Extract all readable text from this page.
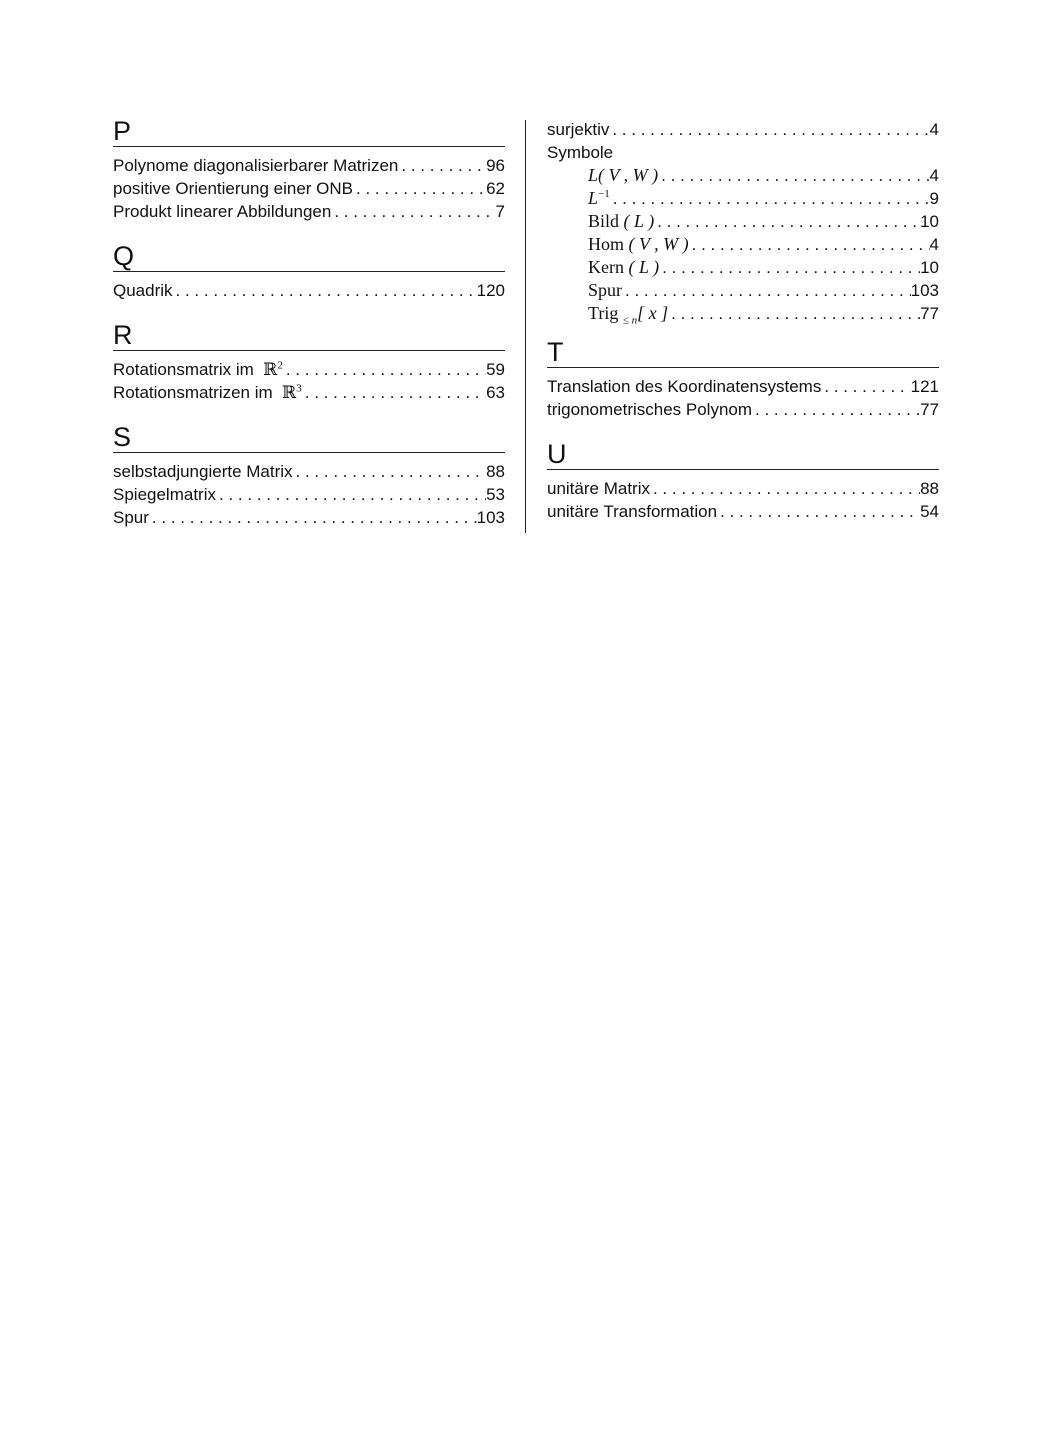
P
Polynome diagonalisierbarer Matrizen . . .	96
positive Orientierung einer ONB . . .	62
Produkt linearer Abbildungen . . .	7
Q
Quadrik . . .	120
R
Rotationsmatrix im ℝ$^2$ . . .	59
Rotationsmatrizen im ℝ$^3$ . . .	63
S
selbstadjungierte Matrix . . .	88
Spiegelmatrix . . .	53
Spur . . .	103
surjektiv . . .	4
Symbole
L( V , W ) . . .	4
$L^{-1}$ . . .	9
Bild ( L ) . . .	10
Hom ( V , W ) . . .	4
Kern ( L ) . . .	10
Spur . . .	103
Trig $_{\le n}$[ x ] . . .	77
T
Translation des Koordinatensystems . . .	121
trigonometrisches Polynom . . .	77
U
unitäre Matrix . . .	88
unitäre Transformation . . .	54
